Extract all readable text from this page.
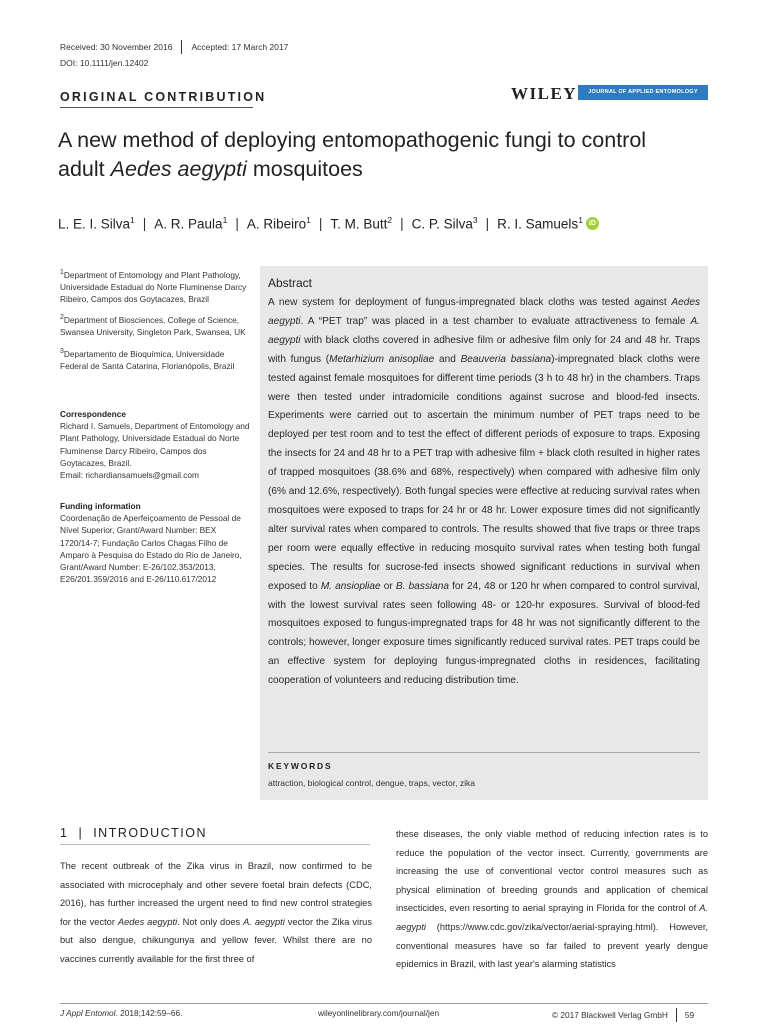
Received: 30 November 2016 Accepted: 17 March 2017
DOI: 10.1111/jen.12402
ORIGINAL CONTRIBUTION	WILEY	JOURNAL OF APPLIED ENTOMOLOGY
A new method of deploying entomopathogenic fungi to control
adult Aedes aegypti mosquitoes
L. E. I. Silva$^1$ | A. R. Paula$^1$ | A. Ribeiro$^1$ | T. M. Butt$^2$ | C. P. Silva$^3$ | R. I. Samuels$^1$ iD

$^1$Department of Entomology and Plant Pathology, Universidade Estadual do Norte Fluminense Darcy Ribeiro, Campos dos Goytacazes, Brazil

$^2$Department of Biosciences, College of Science, Swansea University, Singleton Park, Swansea, UK

$^3$Departamento de Bioquímica, Universidade Federal de Santa Catarina, Florianópolis, Brazil

Correspondence
Richard I. Samuels, Department of Entomology and Plant Pathology, Universidade Estadual do Norte Fluminense Darcy Ribeiro, Campos dos Goytacazes, Brazil.
Email: richardiansamuels@gmail.com
Funding information
Coordenação de Aperfeiçoamento de Pessoal de Nível Superior, Grant/Award Number: BEX 1720/14-7; Fundação Carlos Chagas Filho de Amparo à Pesquisa do Estado do Rio de Janeiro, Grant/Award Number: E-26/102.353/2013, E26/201.359/2016 and E-26/110.617/2012
Abstract
A new system for deployment of fungus-impregnated black cloths was tested against Aedes aegypti. A “PET trap” was placed in a test chamber to evaluate attractiveness to female A. aegypti with black cloths covered in adhesive film or adhesive film only for 24 and 48 hr. Traps with fungus (Metarhizium anisopliae and Beauveria bassiana)-impregnated black cloths were tested against female mosquitoes for different time periods (3 h to 48 hr) in the chambers. Traps were then tested under intradomicile conditions against sucrose and blood-fed insects. Experiments were carried out to ascertain the minimum number of PET traps need to be deployed per test room and to test the effect of different periods of exposure to traps. Exposing the insects for 24 and 48 hr to a PET trap with adhesive film + black cloth resulted in higher rates of trapped mosquitoes (38.6% and 68%, respectively) when compared with adhesive film only (6% and 12.6%, respectively). Both fungal species were effective at reducing survival rates when mosquitoes were exposed to traps for 24 hr or 48 hr. Lower exposure times did not significantly alter survival rates when compared to controls. The results showed that five traps or three traps per room were equally effective in reducing mosquito survival rates when testing both fungal species. The results for sucrose-fed insects showed significant reductions in survival when exposed to M. ansiopliae or B. bassiana for 24, 48 or 120 hr when compared to control survival, with the lowest survival rates seen following 48- or 120-hr exposures. Survival of blood-fed mosquitoes exposed to fungus-impregnated traps for 48 hr was not significantly different to the controls; however, longer exposure times significantly reduced survival rates. PET traps could be an effective system for deploying fungus-impregnated cloths in residences, facilitating cooperation of volunteers and reducing distribution time.
KEYWORDS
attraction, biological control, dengue, traps, vector, zika
1 | INTRODUCTION
The recent outbreak of the Zika virus in Brazil, now confirmed to be associated with microcephaly and other severe foetal brain defects (CDC, 2016), has further increased the urgent need to find new control strategies for the vector Aedes aegypti. Not only does A. aegypti vector the Zika virus but also dengue, chikungunya and yellow fever. Whilst there are no vaccines currently available for the first three of
these diseases, the only viable method of reducing infection rates is to reduce the population of the vector insect. Currently, governments are increasing the use of conventional vector control measures such as physical elimination of breeding grounds and application of chemical insecticides, even resorting to aerial spraying in Florida for the control of A. aegypti (https://www.cdc.gov/zika/vector/aerial-spraying.html). However, conventional measures have so far failed to prevent yearly dengue epidemics in Brazil, with last year's alarming statistics
J Appl Entomol. 2018;142:59–66.	wileyonlinelibrary.com/journal/jen	© 2017 Blackwell Verlag GmbH 59
